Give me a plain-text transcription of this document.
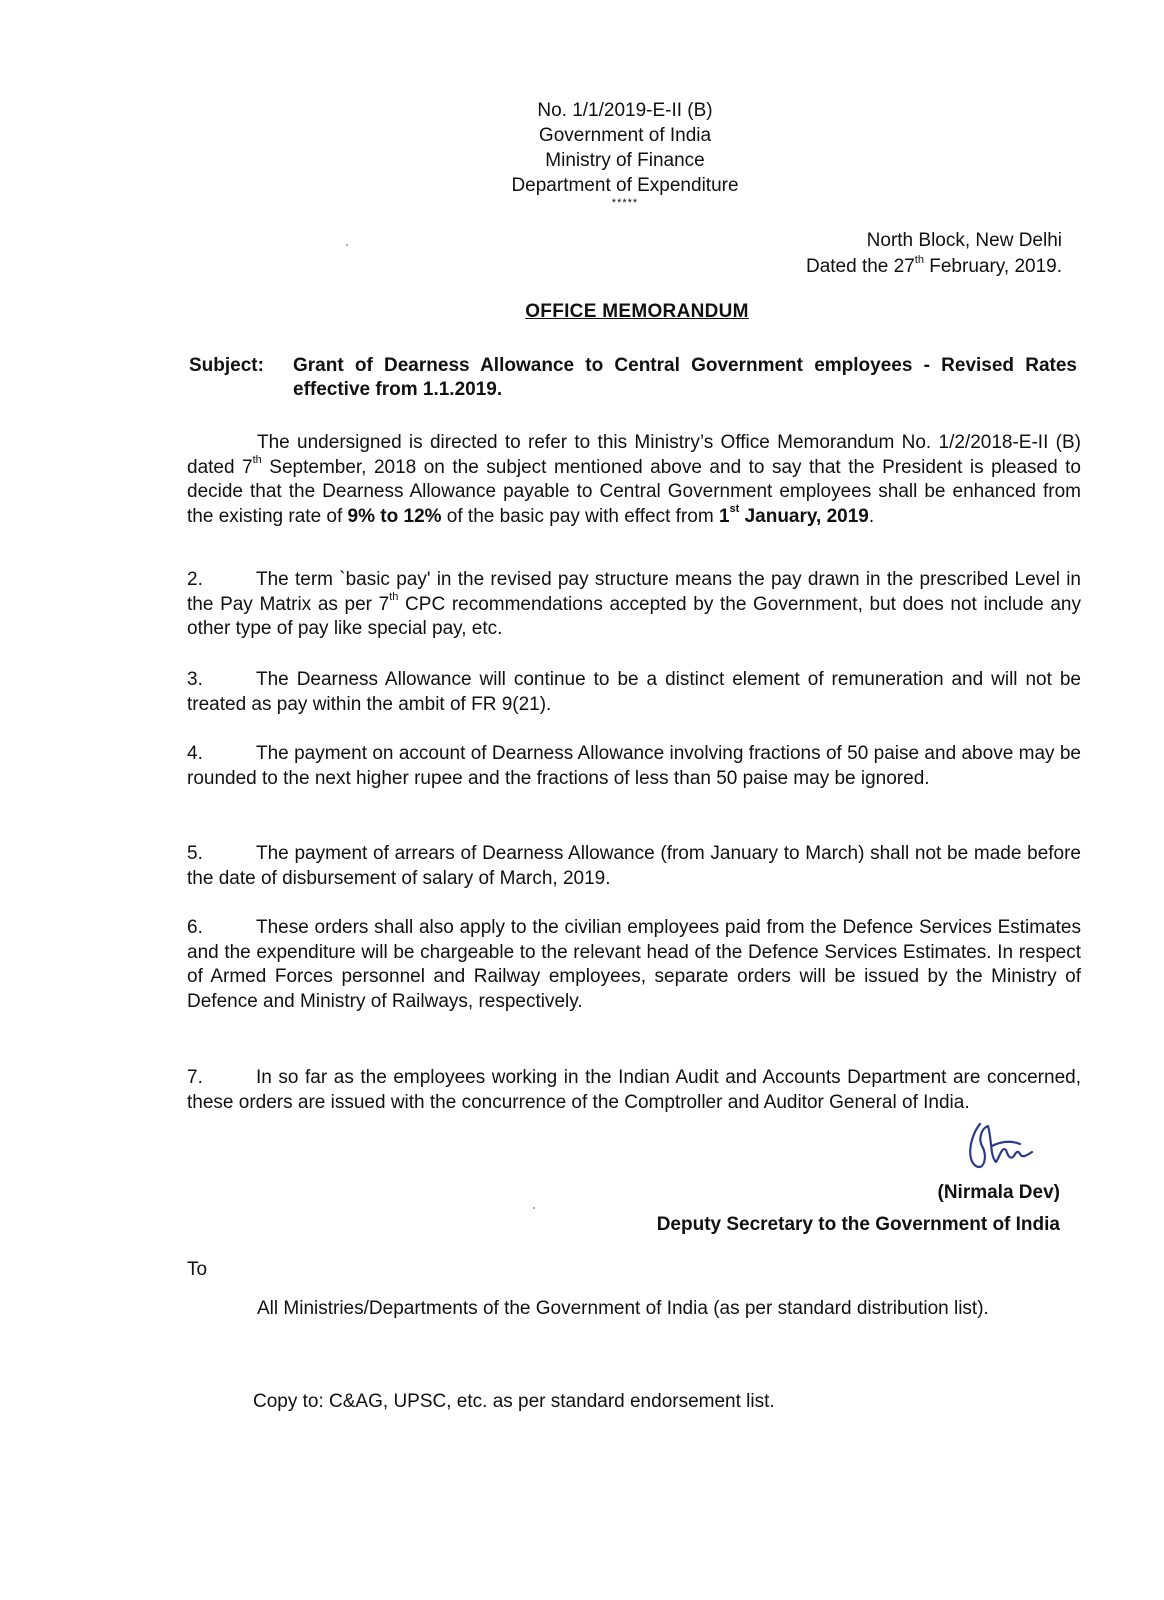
No. 1/1/2019-E-II (B)
Government of India
Ministry of Finance
Department of Expenditure
*****
North Block, New Delhi
Dated the 27th February, 2019.
OFFICE MEMORANDUM
Subject: Grant of Dearness Allowance to Central Government employees - Revised Rates effective from 1.1.2019.
The undersigned is directed to refer to this Ministry’s Office Memorandum No. 1/2/2018-E-II (B) dated 7th September, 2018 on the subject mentioned above and to say that the President is pleased to decide that the Dearness Allowance payable to Central Government employees shall be enhanced from the existing rate of 9% to 12% of the basic pay with effect from 1st January, 2019.
2.	The term `basic pay' in the revised pay structure means the pay drawn in the prescribed Level in the Pay Matrix as per 7th CPC recommendations accepted by the Government, but does not include any other type of pay like special pay, etc.
3.	The Dearness Allowance will continue to be a distinct element of remuneration and will not be treated as pay within the ambit of FR 9(21).
4.	The payment on account of Dearness Allowance involving fractions of 50 paise and above may be rounded to the next higher rupee and the fractions of less than 50 paise may be ignored.
5.	The payment of arrears of Dearness Allowance (from January to March) shall not be made before the date of disbursement of salary of March, 2019.
6.	These orders shall also apply to the civilian employees paid from the Defence Services Estimates and the expenditure will be chargeable to the relevant head of the Defence Services Estimates. In respect of Armed Forces personnel and Railway employees, separate orders will be issued by the Ministry of Defence and Ministry of Railways, respectively.
7.	In so far as the employees working in the Indian Audit and Accounts Department are concerned, these orders are issued with the concurrence of the Comptroller and Auditor General of India.
(Nirmala Dev)
Deputy Secretary to the Government of India
To
All Ministries/Departments of the Government of India (as per standard distribution list).
Copy to: C&AG, UPSC, etc. as per standard endorsement list.
